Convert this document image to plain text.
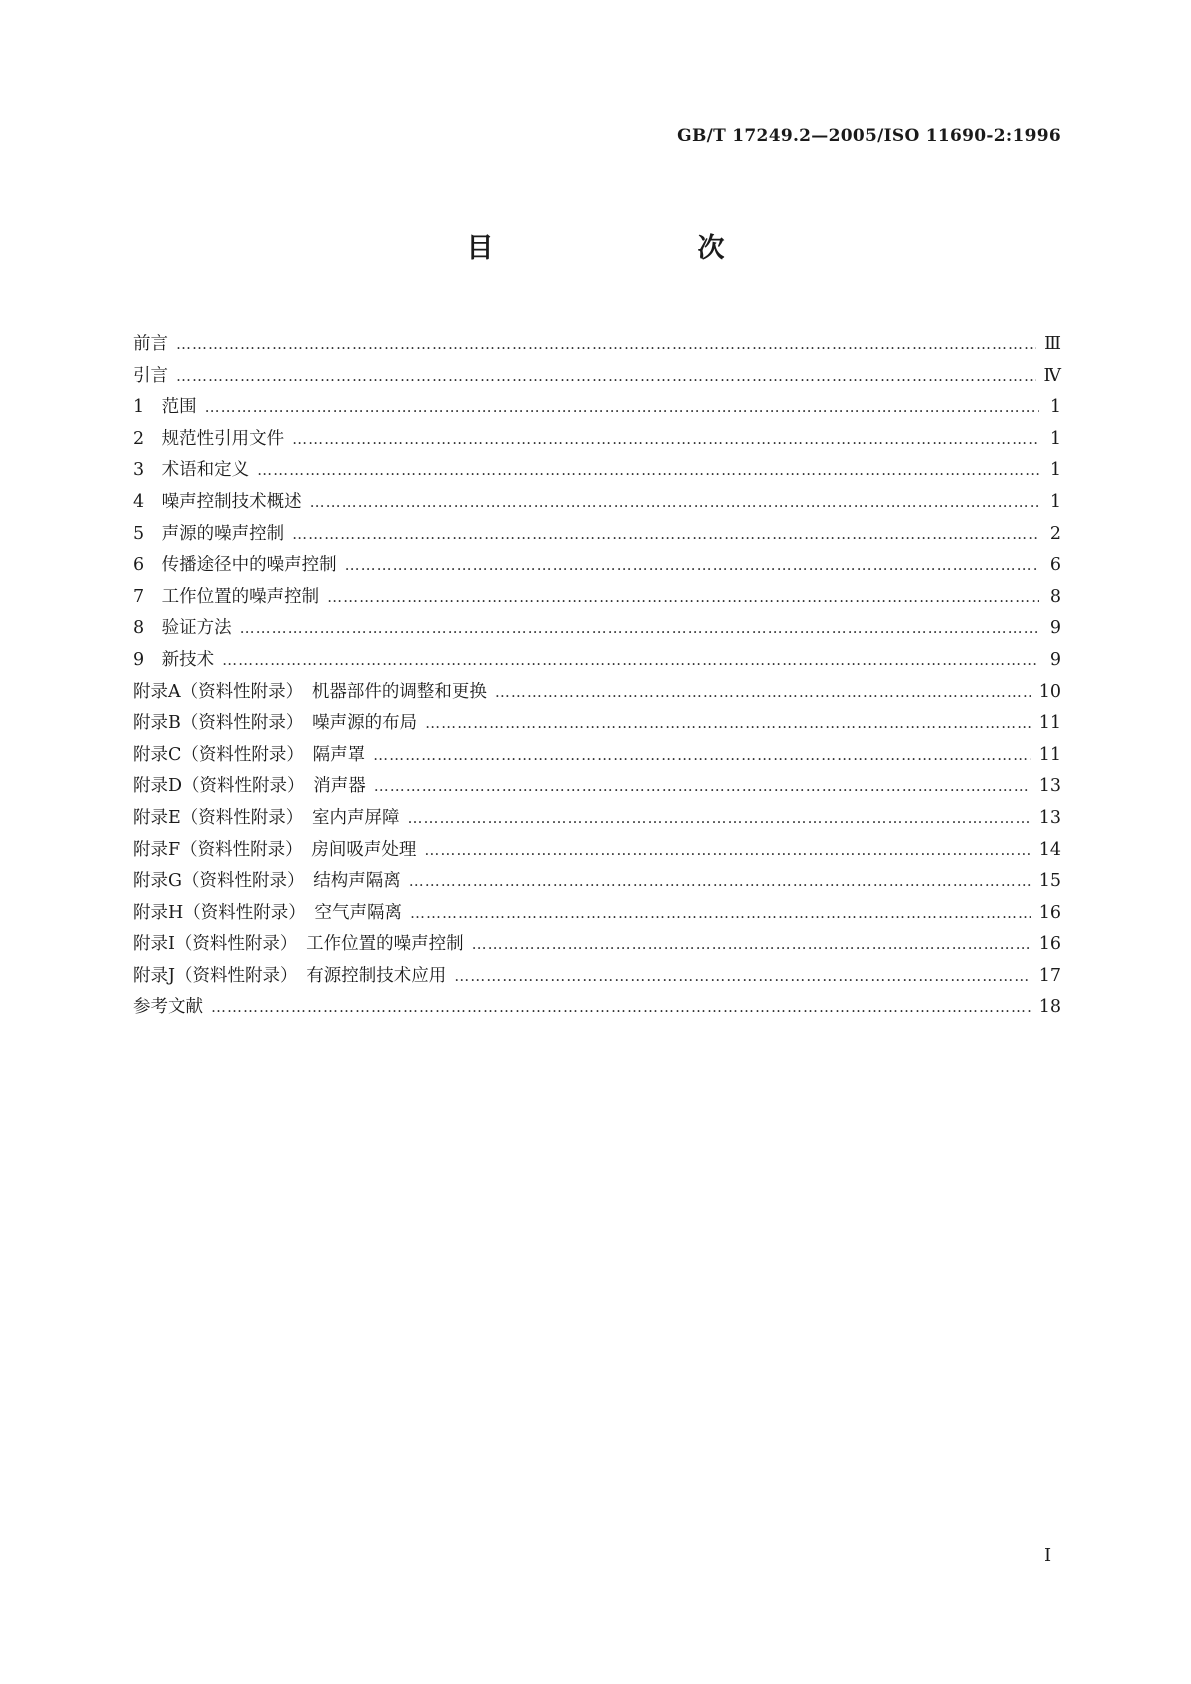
GB/T 17249.2—2005/ISO 11690-2:1996
目　　次
前言 …………………………………………………………………………………………………………………………………………………………………………………………………………………………	Ⅲ
引言 …………………………………………………………………………………………………………………………………………………………………………………………………………………………	Ⅳ
1　范围 …………………………………………………………………………………………………………………………………………………………………………………………………………………………	1
2　规范性引用文件 …………………………………………………………………………………………………………………………………………………………………………………………………………………………	1
3　术语和定义 …………………………………………………………………………………………………………………………………………………………………………………………………………………………	1
4　噪声控制技术概述 …………………………………………………………………………………………………………………………………………………………………………………………………………………………	1
5　声源的噪声控制 …………………………………………………………………………………………………………………………………………………………………………………………………………………………	2
6　传播途径中的噪声控制 …………………………………………………………………………………………………………………………………………………………………………………………………………………………	6
7　工作位置的噪声控制 …………………………………………………………………………………………………………………………………………………………………………………………………………………………	8
8　验证方法 …………………………………………………………………………………………………………………………………………………………………………………………………………………………	9
9　新技术 …………………………………………………………………………………………………………………………………………………………………………………………………………………………	9
附录A（资料性附录）　机器部件的调整和更换 …………………………………………………………………………………………………………………………………………………………………………………………………………………………	10
附录B（资料性附录）　噪声源的布局 …………………………………………………………………………………………………………………………………………………………………………………………………………………………	11
附录C（资料性附录）　隔声罩 …………………………………………………………………………………………………………………………………………………………………………………………………………………………	11
附录D（资料性附录）　消声器 …………………………………………………………………………………………………………………………………………………………………………………………………………………………	13
附录E（资料性附录）　室内声屏障 …………………………………………………………………………………………………………………………………………………………………………………………………………………………	13
附录F（资料性附录）　房间吸声处理 …………………………………………………………………………………………………………………………………………………………………………………………………………………………	14
附录G（资料性附录）　结构声隔离 …………………………………………………………………………………………………………………………………………………………………………………………………………………………	15
附录H（资料性附录）　空气声隔离 …………………………………………………………………………………………………………………………………………………………………………………………………………………………	16
附录I（资料性附录）　工作位置的噪声控制 …………………………………………………………………………………………………………………………………………………………………………………………………………………………	16
附录J（资料性附录）　有源控制技术应用 …………………………………………………………………………………………………………………………………………………………………………………………………………………………	17
参考文献 …………………………………………………………………………………………………………………………………………………………………………………………………………………………	18
Ⅰ
